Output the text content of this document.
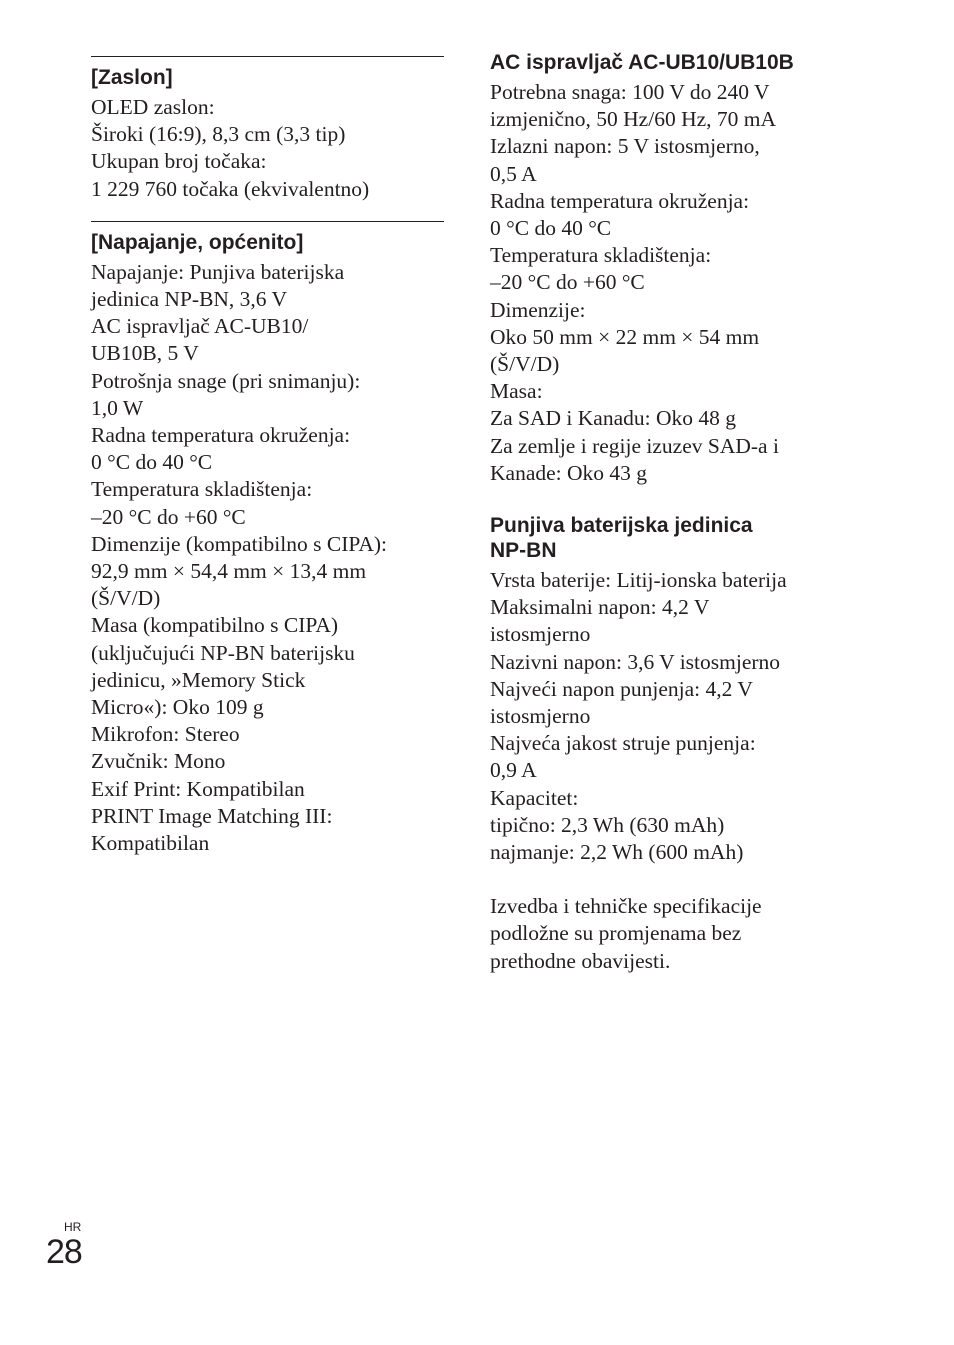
[Zaslon]
OLED zaslon:
Široki (16:9), 8,3 cm (3,3 tip)
Ukupan broj točaka:
1 229 760 točaka (ekvivalentno)
[Napajanje, općenito]
Napajanje: Punjiva baterijska
jedinica NP-BN, 3,6 V
AC ispravljač AC-UB10/
UB10B, 5 V
Potrošnja snage (pri snimanju):
1,0 W
Radna temperatura okruženja:
0 °C do 40 °C
Temperatura skladištenja:
–20 °C do +60 °C
Dimenzije (kompatibilno s CIPA):
92,9 mm × 54,4 mm × 13,4 mm
(Š/V/D)
Masa (kompatibilno s CIPA)
(uključujući NP-BN baterijsku
jedinicu, »Memory Stick
Micro«): Oko 109 g
Mikrofon: Stereo
Zvučnik: Mono
Exif Print: Kompatibilan
PRINT Image Matching III:
Kompatibilan
AC ispravljač AC-UB10/UB10B
Potrebna snaga: 100 V do 240 V
izmjenično, 50 Hz/60 Hz, 70 mA
Izlazni napon: 5 V istosmjerno,
0,5 A
Radna temperatura okruženja:
0 °C do 40 °C
Temperatura skladištenja:
–20 °C do +60 °C
Dimenzije:
Oko 50 mm × 22 mm × 54 mm
(Š/V/D)
Masa:
Za SAD i Kanadu: Oko 48 g
Za zemlje i regije izuzev SAD-a i
Kanade: Oko 43 g
Punjiva baterijska jedinica
NP-BN
Vrsta baterije: Litij-ionska baterija
Maksimalni napon: 4,2 V
istosmjerno
Nazivni napon: 3,6 V istosmjerno
Najveći napon punjenja: 4,2 V
istosmjerno
Najveća jakost struje punjenja:
0,9 A
Kapacitet:
tipično: 2,3 Wh (630 mAh)
najmanje: 2,2 Wh (600 mAh)
Izvedba i tehničke specifikacije
podložne su promjenama bez
prethodne obavijesti.
HR
28
